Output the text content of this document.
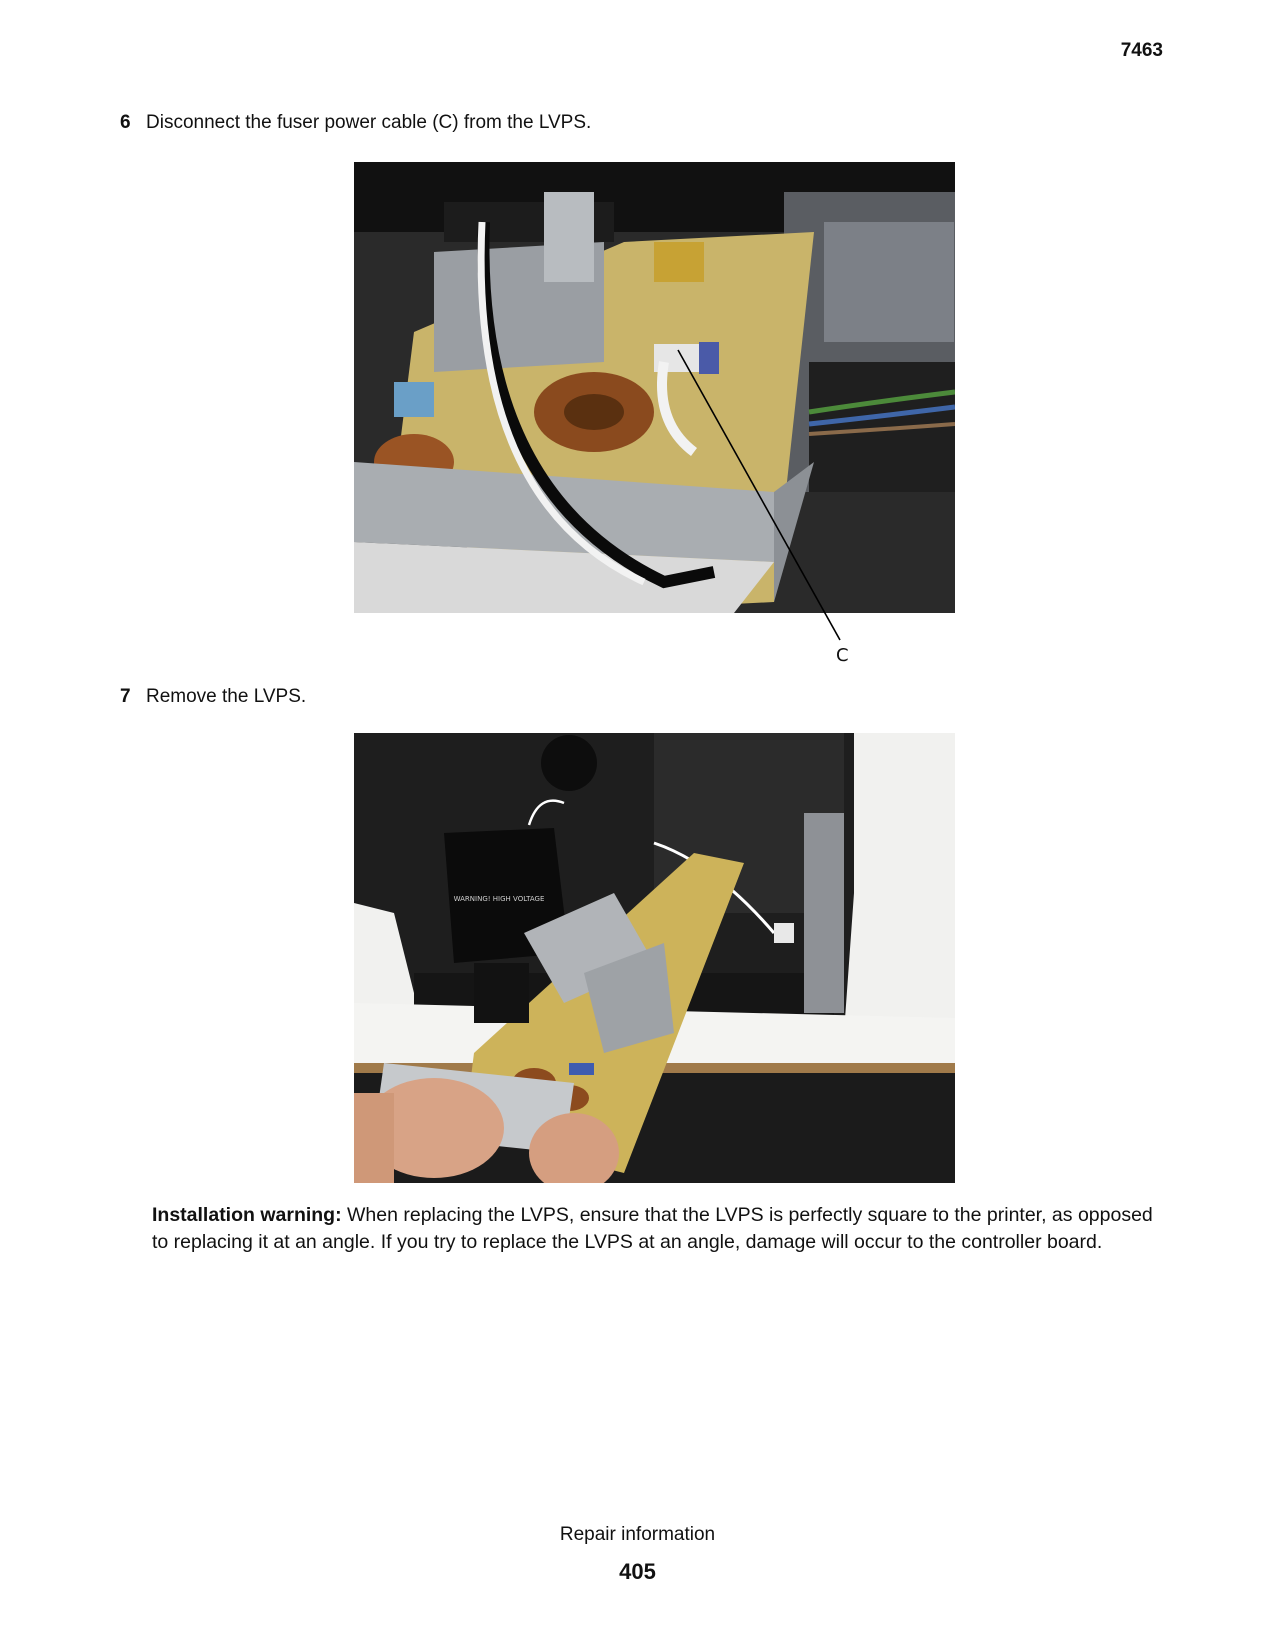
7463
6 Disconnect the fuser power cable (C) from the LVPS.
C
7 Remove the LVPS.
WARNING! HIGH VOLTAGE
Installation warning: When replacing the LVPS, ensure that the LVPS is perfectly square to the printer, as opposed to replacing it at an angle. If you try to replace the LVPS at an angle, damage will occur to the controller board.
Repair information
405
